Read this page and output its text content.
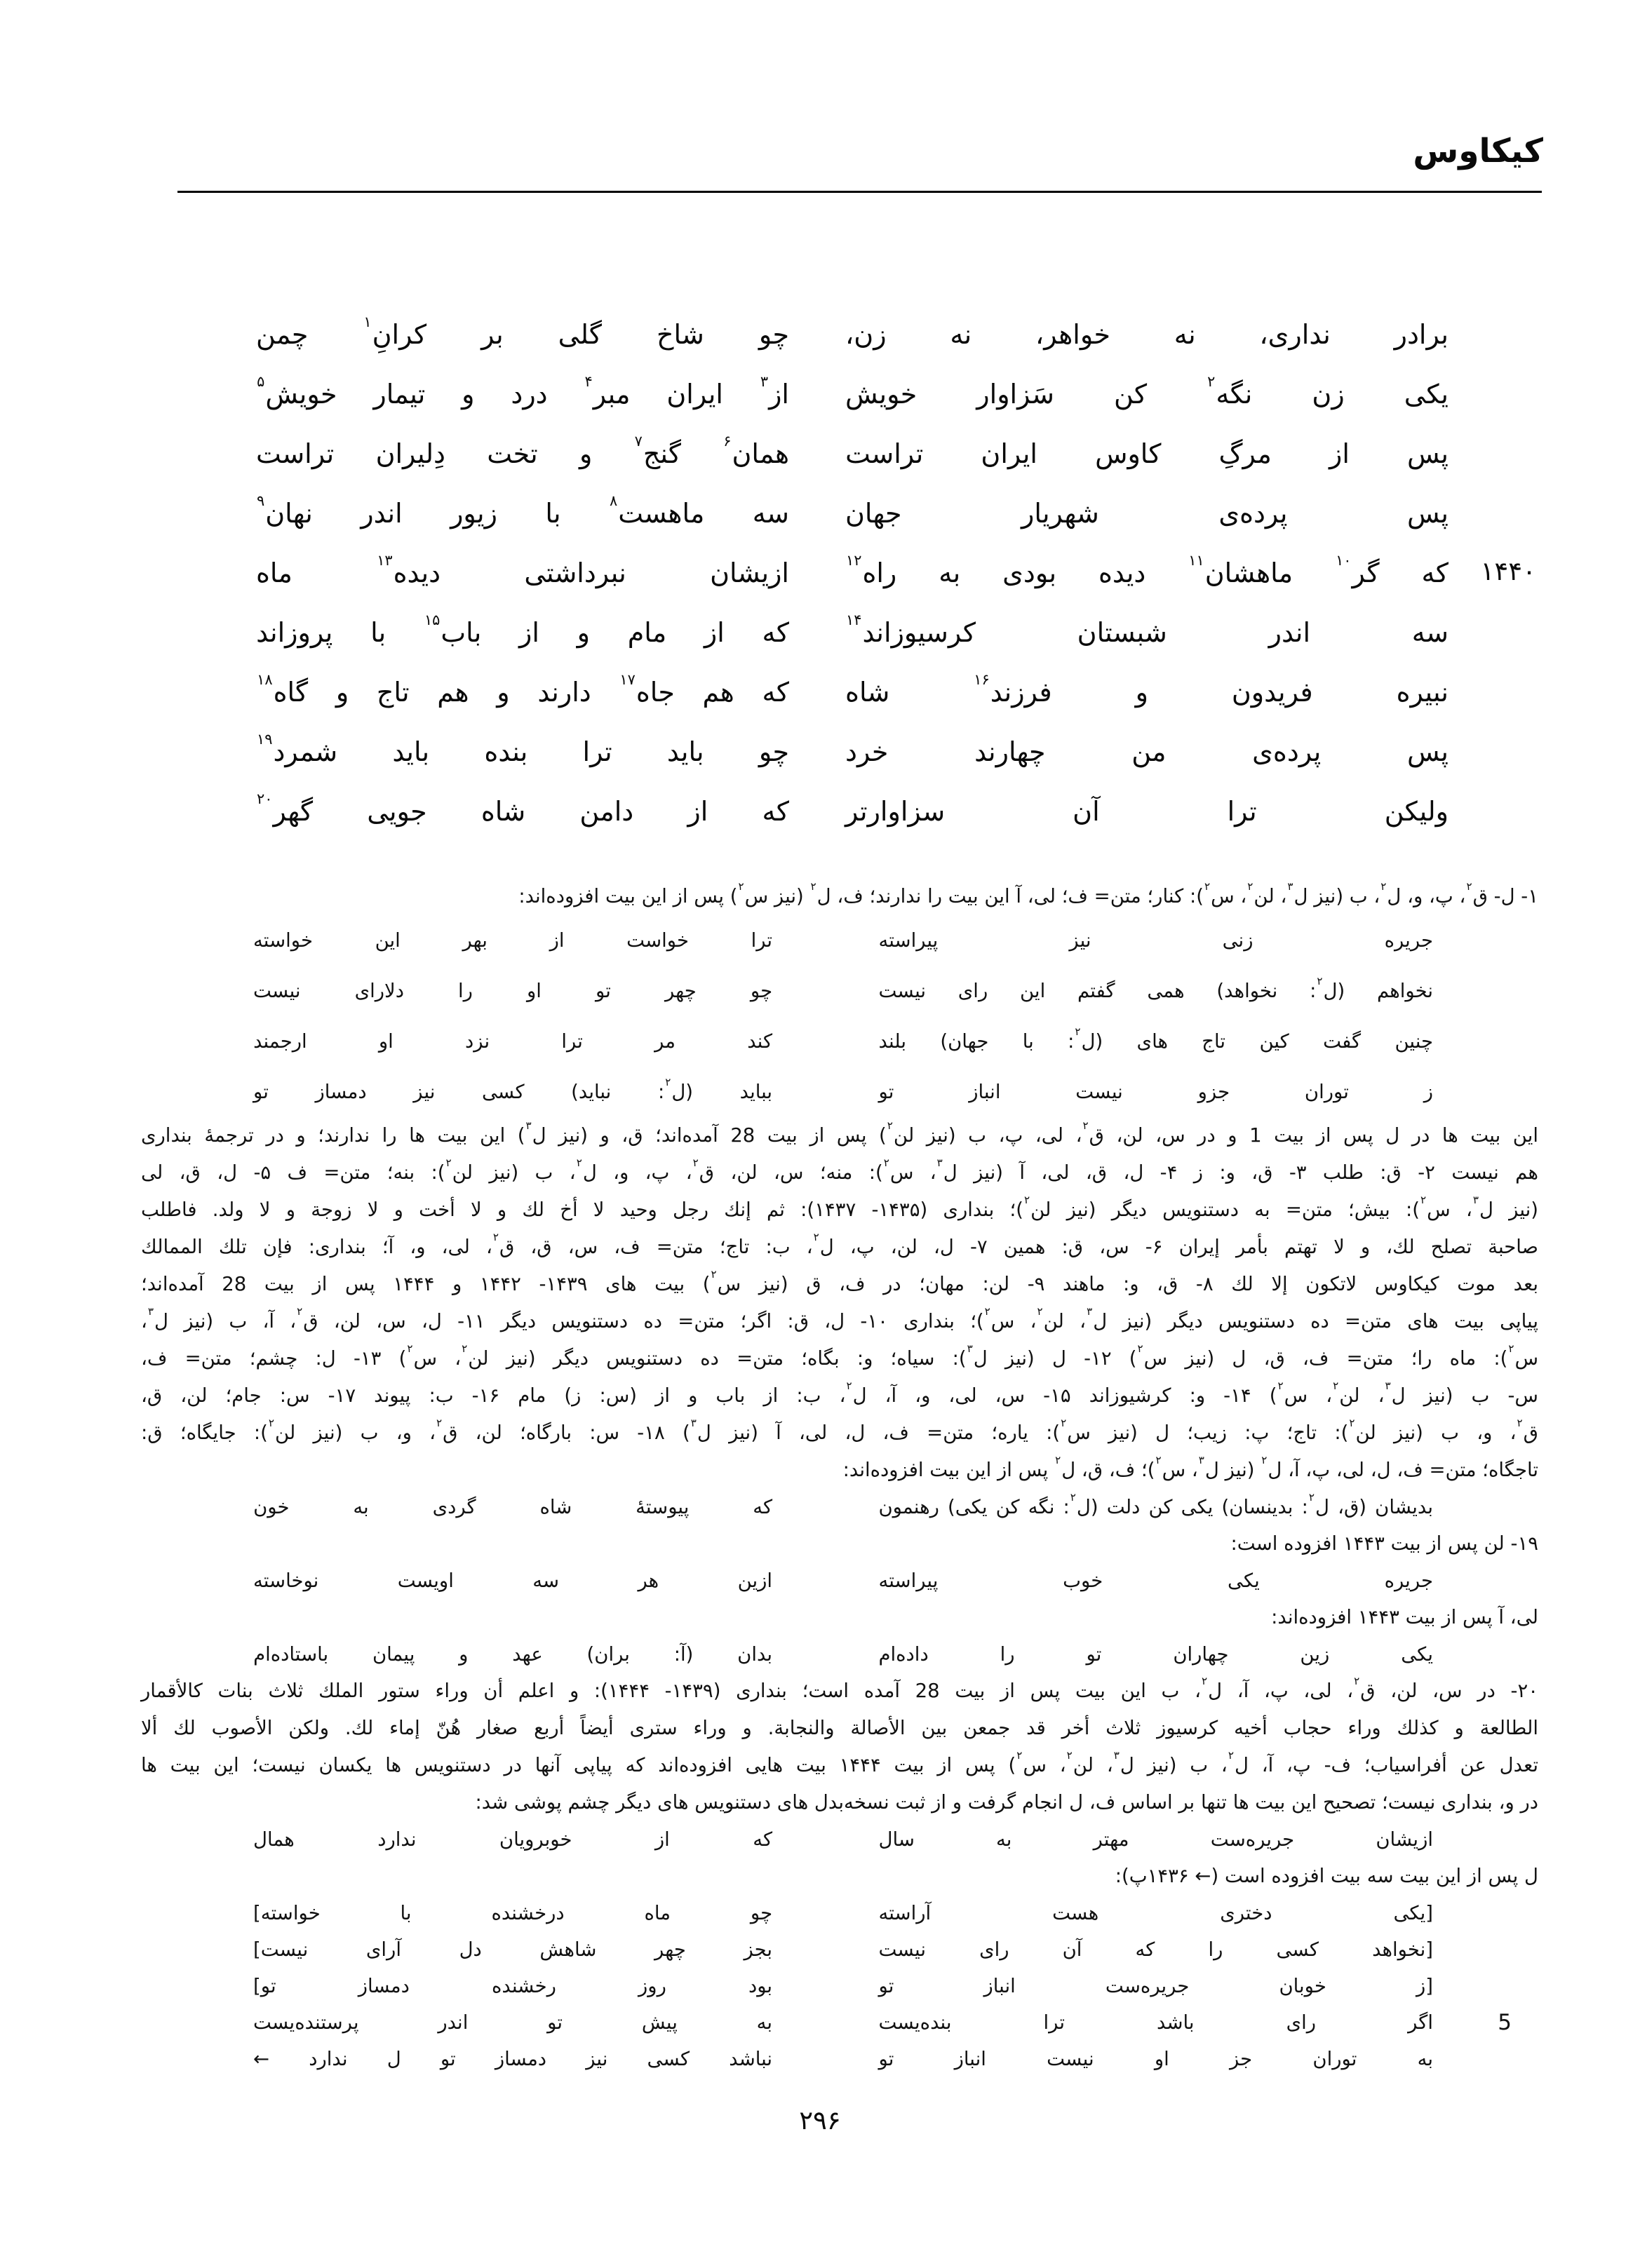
کیکاوس
برادر
نداری،
نه
خواهر،
نه
زن،
چو
شاخ
گلی
بر
کرانِ$^۱$
چمن
یکی
زن
نگه$^۲$
کن
سَزاوار
خویش
از$^۳$
ایران
مبر$^۴$
درد
و
تیمار
خویش$^۵$
پس
از
مرگِ
کاوس
ایران
تراست
همان$^۶$
گنج$^۷$
و
تخت
دِلیران
تراست
پس
پرده‌ی
شهریار
جهان
سه
ماهست$^۸$
با
زیور
اندر
نهان$^۹$
که
گر$^{۱۰}$
ماهشان$^{۱۱}$
دیده
بودی
به
راه$^{۱۲}$
ازیشان
نبرداشتی
دیده$^{۱۳}$
ماه
سه
اندر
شبستان
کرسیوزاند$^{۱۴}$
که
از
مام
و
از
باب$^{۱۵}$
با
پروزاند
نبیره
فریدون
و
فرزند$^{۱۶}$
شاه
که
هم
جاه$^{۱۷}$
دارند
و
هم
تاج
و
گاه$^{۱۸}$
پس
پرده‌ی
من
چهارند
خرد
چو
باید
ترا
بنده
باید
شمرد$^{۱۹}$
ولیکن
ترا
آن
سزاوارتر
که
از
دامن
شاه
جویی
گهر$^{۲۰}$
۱۴۴۰
۱- ل- ق$^۲$، پ، و، ل$^۲$، ب (نیز ل$^۳$، لن$^۲$، س$^۲$): کنار؛ متن= ف؛ لی، آ این بیت را ندارند؛ ف، ل$^۲$ (نیز س$^۲$) پس از این بیت افزوده‌اند:
جریره
زنی
نیز
پیراسته
ترا
خواست
از
بهر
این
خواسته
نخواهم
(ل$^۲$:
نخواهد)
همی
گفتم
این
رای
نیست
چو
چهر
تو
او
را
دلارای
نیست
چنین
گفت
کین
تاج
های
(ل$^۲$:
با
جهان)
بلند
کند
مر
ترا
نزد
او
ارجمند
ز
توران
جزو
نیست
انباز
تو
بباید
(ل$^۲$:
نباید)
کسی
نیز
دمساز
تو
این بیت ها در ل پس از بیت 1 و در س، لن، ق$^۲$، لی، پ، ب (نیز لن$^۲$) پس از بیت 28 آمده‌اند؛ ق، و (نیز ل$^۳$) این بیت ها را ندارند؛ و در ترجمهٔ بنداری
هم نیست ۲- ق: طلب ۳- ق، و: ز ۴- ل، ق، لی، آ (نیز ل$^۳$، س$^۲$): منه؛ س، لن، ق$^۲$، پ، و، ل$^۲$، ب (نیز لن$^۲$): بنه؛ متن= ف ۵- ل، ق، لی
(نیز ل$^۳$، س$^۲$): بیش؛ متن= به دستنویس دیگر (نیز لن$^۲$)؛ بنداری (۱۴۳۵- ۱۴۳۷): ثم إنك رجل وحید لا أخ لك و لا أخت و لا زوجة و لا ولد. فاطلب
صاحبة تصلح لك، و لا تهتم بأمر إیران ۶- س، ق: همین ۷- ل، لن، پ، ل$^۲$، ب: تاج؛ متن= ف، س، ق، ق$^۲$، لی، و، آ؛ بنداری: فإن تلك الممالك
بعد موت كیكاوس لاتكون إلا لك ۸- ق، و: ماهند ۹- لن: مهان؛ در ف، ق (نیز س$^۲$) بیت های ۱۴۳۹- ۱۴۴۲ و ۱۴۴۴ پس از بیت 28 آمده‌اند؛
پیاپی بیت های متن= ده دستنویس دیگر (نیز ل$^۳$، لن$^۲$، س$^۲$)؛ بنداری ۱۰- ل، ق: اگر؛ متن= ده دستنویس دیگر ۱۱- ل، س، لن، ق$^۲$، آ، ب (نیز ل$^۳$،
س$^۲$): ماه را؛ متن= ف، ق، ل (نیز س$^۲$) ۱۲- ل (نیز ل$^۳$): سیاه؛ و: بگاه؛ متن= ده دستنویس دیگر (نیز لن$^۲$، س$^۲$) ۱۳- ل: چشم؛ متن= ف،
س- ب (نیز ل$^۳$، لن$^۲$، س$^۲$) ۱۴- و: کرشیوزاند ۱۵- س، لی، و، آ، ل$^۲$، ب: از باب و از (س: ز) مام ۱۶- ب: پیوند ۱۷- س: جام؛ لن، ق،
ق$^۲$، و، ب (نیز لن$^۲$): تاج؛ پ: زیب؛ ل (نیز س$^۲$): یاره؛ متن= ف، ل، لی، آ (نیز ل$^۳$) ۱۸- س: بارگاه؛ لن، ق$^۲$، و، ب (نیز لن$^۲$): جایگاه؛ ق:
تاجگاه؛ متن= ف، ل، لی، پ، آ، ل$^۲$ (نیز ل$^۳$، س$^۲$)؛ ف، ق، ل$^۲$ پس از این بیت افزوده‌اند:
بدیشان
(ق،
ل$^۲$:
بدینسان)
یکی
کن
دلت
(ل$^۲$:
نگه
کن
یکی)
رهنمون
که
پیوستهٔ
شاه
گردی
به
خون
۱۹- لن پس از بیت ۱۴۴۳ افزوده است:
جریره
یکی
خوب
پیراسته
ازین
هر
سه
اویست
نوخاسته
لی، آ پس از بیت ۱۴۴۳ افزوده‌اند:
یکی
زین
چهاران
تو
را
داده‌ام
بدان
(آ:
بران)
عهد
و
پیمان
باستاده‌ام
۲۰- در س، لن، ق$^۲$، لی، پ، آ، ل$^۲$، ب این بیت پس از بیت 28 آمده است؛ بنداری (۱۴۳۹- ۱۴۴۴): و اعلم أن وراء ستور الملك ثلاث بنات كالأقمار
الطالعة و كذلك وراء حجاب أخیه كرسیوز ثلاث أخر قد جمعن بین الأصالة والنجابة. و وراء ستری أیضاً أربع صغار هُنّ إماء لك. ولكن الأصوب لك ألا
تعدل عن أفراسیاب؛ ف- پ، آ، ل$^۲$، ب (نیز ل$^۳$، لن$^۲$، س$^۲$) پس از بیت ۱۴۴۴ بیت هایی افزوده‌اند که پیاپی آنها در دستنویس ها یکسان نیست؛ این بیت ها
در و، بنداری نیست؛ تصحیح این بیت ها تنها بر اساس ف، ل انجام گرفت و از ثبت نسخه‌بدل های دستنویس های دیگر چشم پوشی شد:
ازیشان
جریره‌ست
مهتر
به
سال
که
از
خوبرویان
ندارد
همال
ل پس از این بیت سه بیت افزوده است (← ۱۴۳۶پ):
[یکی
دختری
هست
آراسته
چو
ماه
درخشنده
با
خواسته]
[نخواهد
کسی
را
که
آن
رای
نیست
بجز
چهر
شاهش
دل
آرای
نیست]
[ز
خوبان
جریره‌ست
انباز
تو
بود
روز
رخشنده
دمساز
تو]
اگر
رای
باشد
ترا
بنده‌یست
به
پیش
تو
اندر
پرستنده‌یست	5
به
توران
جز
او
نیست
انباز
تو
نباشد
کسی
نیز
دمساز
تو
ل
ندارد
←
۲۹۶
